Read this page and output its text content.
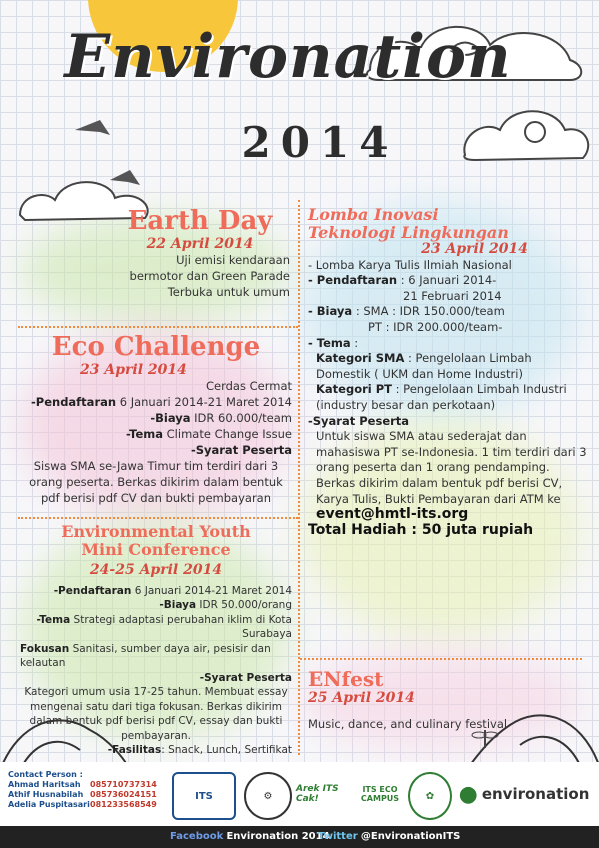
Environation
2014
Earth Day
22 April 2014
Uji emisi kendaraan
bermotor dan Green Parade
Terbuka untuk umum
Eco Challenge
23 April 2014
Cerdas Cermat
-Pendaftaran 6 Januari 2014-21 Maret 2014
-Biaya IDR 60.000/team
-Tema Climate Change Issue
-Syarat Peserta
Siswa SMA se-Jawa Timur tim terdiri dari 3 orang peserta. Berkas dikirim dalam bentuk pdf berisi pdf CV dan bukti pembayaran
Environmental Youth
Mini Conference
24-25 April 2014
-Pendaftaran 6 Januari 2014-21 Maret 2014
-Biaya IDR 50.000/orang
-Tema Strategi adaptasi perubahan iklim di Kota Surabaya
Fokusan Sanitasi, sumber daya air, pesisir dan kelautan
-Syarat Peserta
Kategori umum usia 17-25 tahun. Membuat essay mengenai satu dari tiga fokusan. Berkas dikirim dalam bentuk pdf berisi pdf CV, essay dan bukti pembayaran.
-Fasilitas: Snack, Lunch, Sertifikat
Lomba Inovasi
Teknologi Lingkungan
23 April 2014
- Lomba Karya Tulis Ilmiah Nasional
- Pendaftaran : 6 Januari 2014-
21 Februari 2014
- Biaya : SMA : IDR 150.000/team
PT : IDR 200.000/team-
- Tema :
Kategori SMA : Pengelolaan Limbah Domestik ( UKM dan Home Industri)
Kategori PT : Pengelolaan Limbah Industri (industry besar dan perkotaan)
-Syarat Peserta
Untuk siswa SMA atau sederajat dan mahasiswa PT se-Indonesia. 1 tim terdiri dari 3 orang peserta dan 1 orang pendamping. Berkas dikirim dalam bentuk pdf berisi CV, Karya Tulis, Bukti Pembayaran dari ATM ke event@hmtl-its.org
Total Hadiah : 50 juta rupiah
ENfest
25 April 2014
Music, dance, and culinary festival
Contact Person :
Ahmad Haritsah 085710737314
Athif Husnabilah 085736024151
Adelia Puspitasari081233568549
ITS	⚙
Arek ITS Cak!
ITS ECO CAMPUS	✿	● environation
Facebook Environation 2014
Twitter @EnvironationITS
